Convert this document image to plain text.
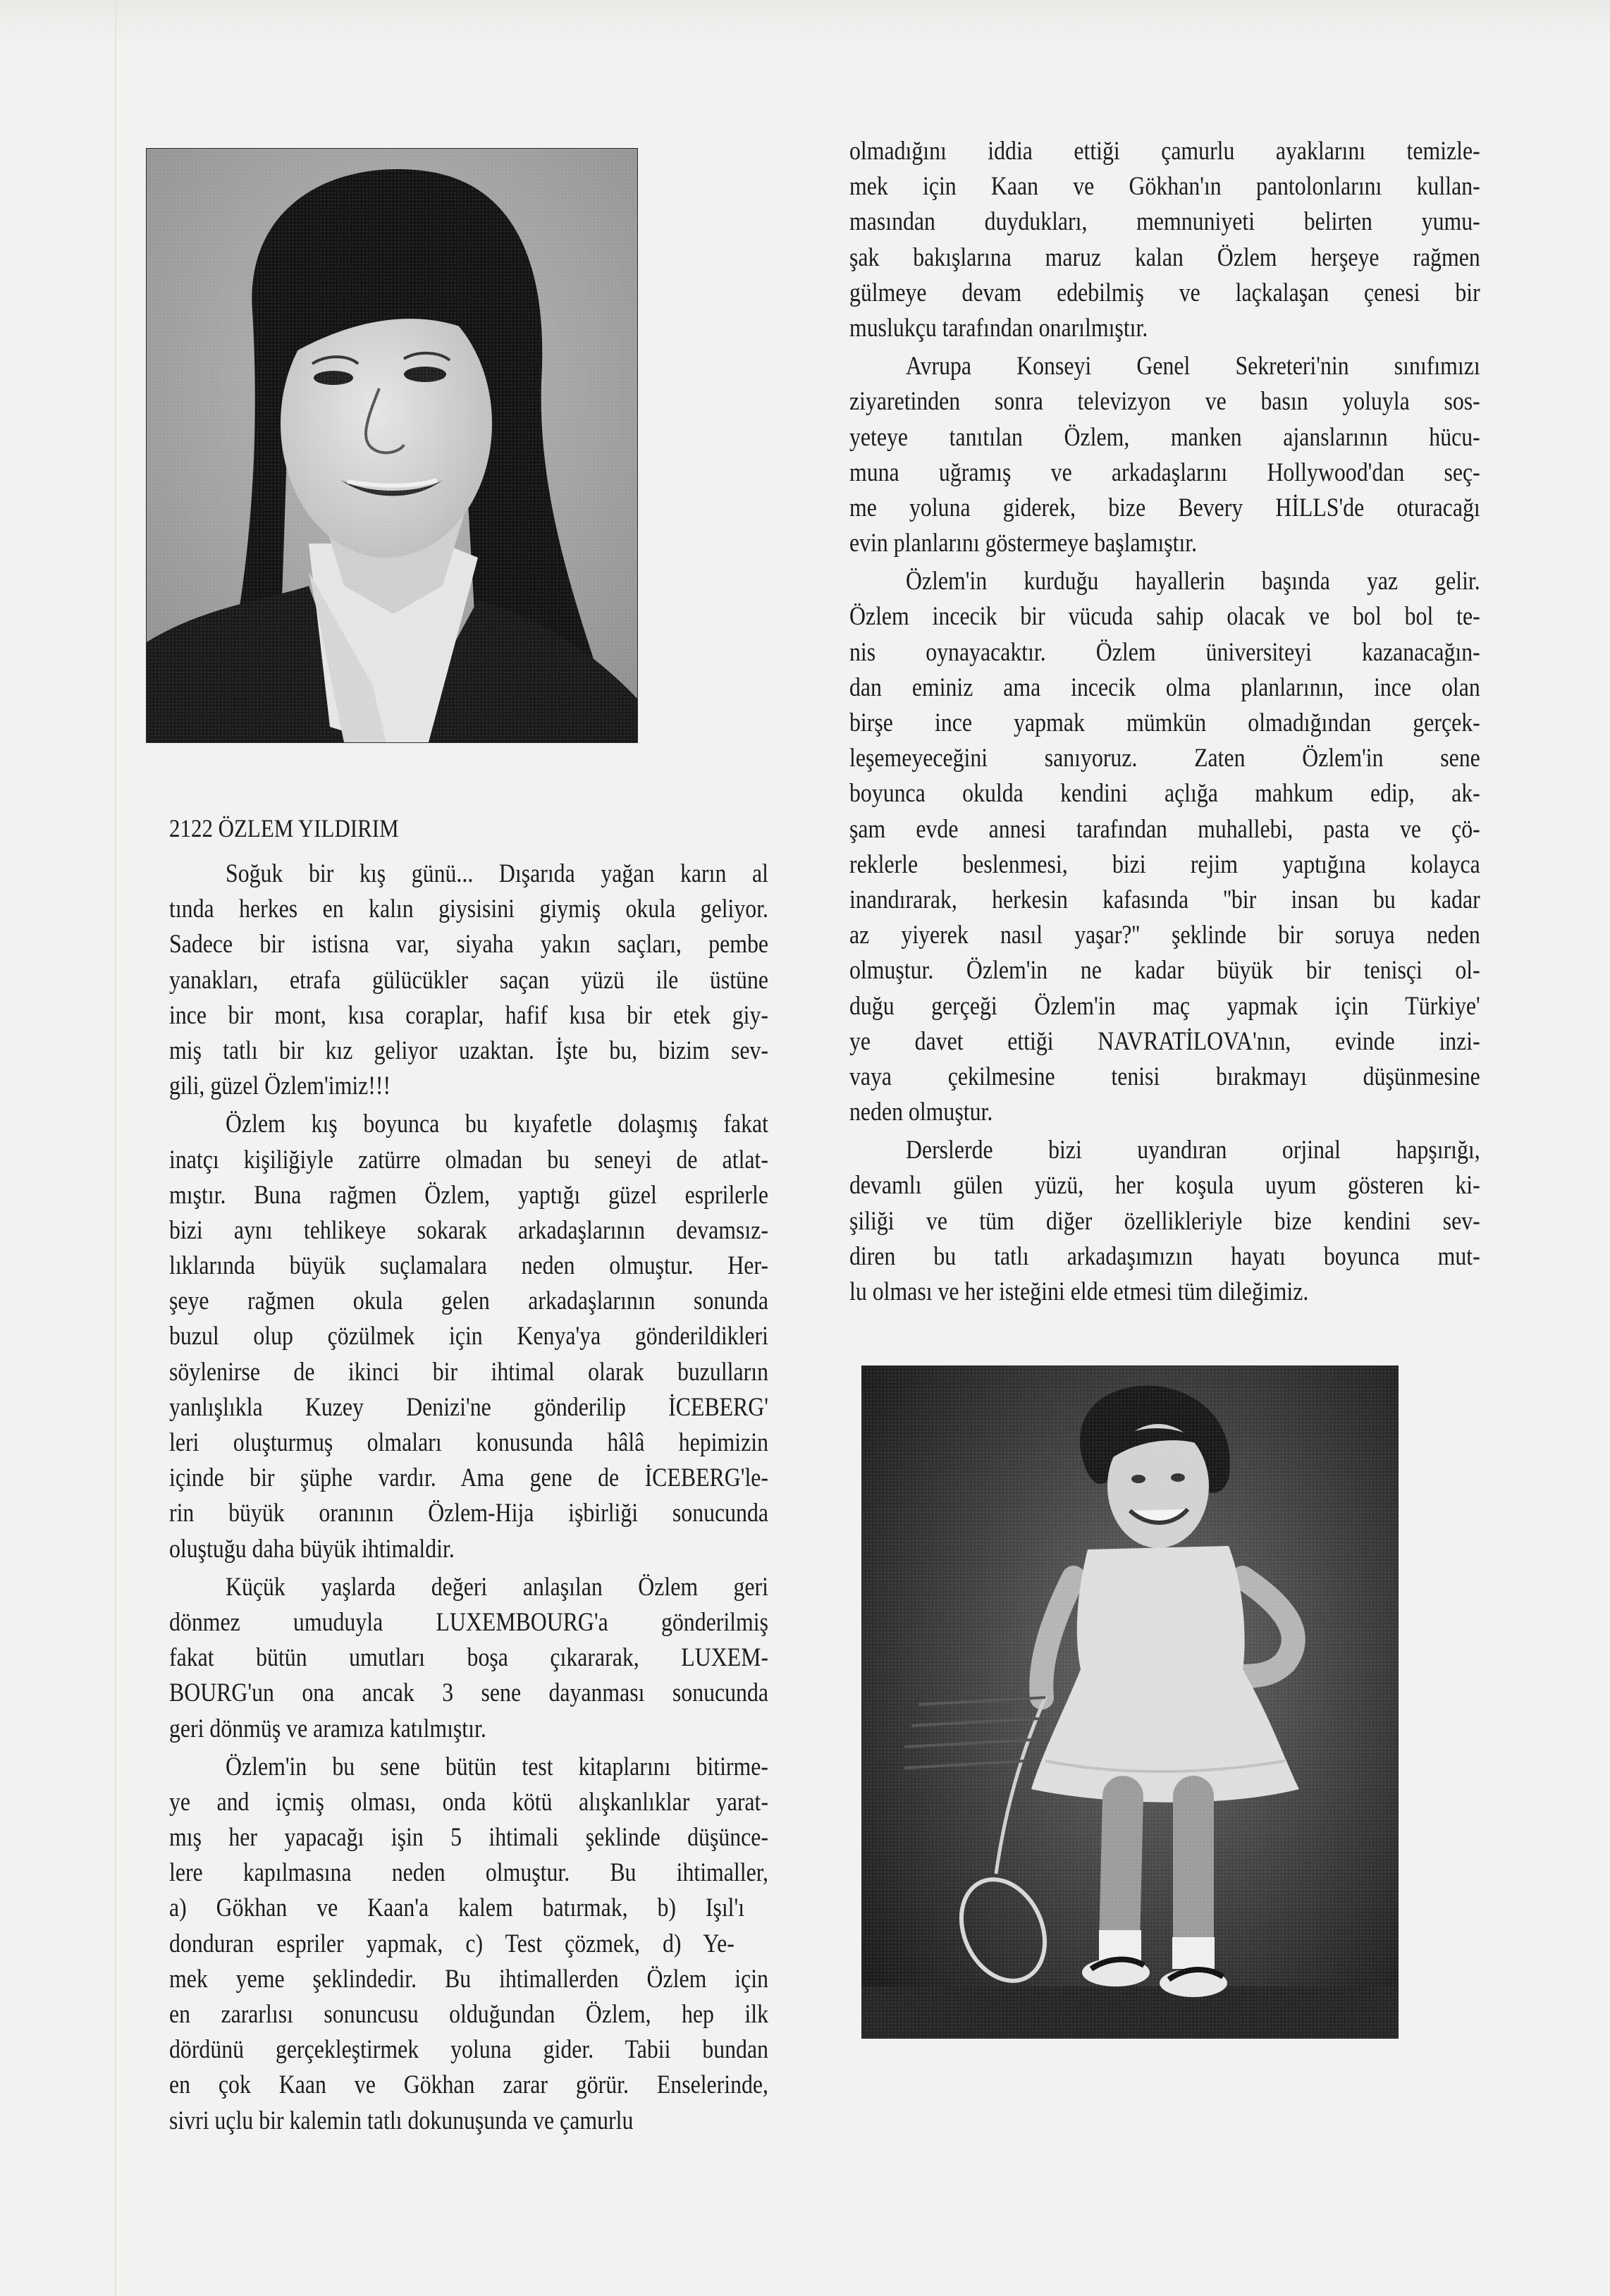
2122 ÖZLEM YILDIRIM
Soğuk bir kış günü... Dışarıda yağan karın al
tında herkes en kalın giysisini giymiş okula geliyor.
Sadece bir istisna var, siyaha yakın saçları, pembe
yanakları, etrafa gülücükler saçan yüzü ile üstüne
ince bir mont, kısa coraplar, hafif kısa bir etek giy-
miş tatlı bir kız geliyor uzaktan. İşte bu, bizim sev-
gili, güzel Özlem'imiz!!!
Özlem kış boyunca bu kıyafetle dolaşmış fakat
inatçı kişiliğiyle zatürre olmadan bu seneyi de atlat-
mıştır. Buna rağmen Özlem, yaptığı güzel esprilerle
bizi aynı tehlikeye sokarak arkadaşlarının devamsız-
lıklarında büyük suçlamalara neden olmuştur. Her-
şeye rağmen okula gelen arkadaşlarının sonunda
buzul olup çözülmek için Kenya'ya gönderildikleri
söylenirse de ikinci bir ihtimal olarak buzulların
yanlışlıkla Kuzey Denizi'ne gönderilip İCEBERG'
leri oluşturmuş olmaları konusunda hâlâ hepimizin
içinde bir şüphe vardır. Ama gene de İCEBERG'le-
rin büyük oranının Özlem-Hija işbirliği sonucunda
oluştuğu daha büyük ihtimaldir.
Küçük yaşlarda değeri anlaşılan Özlem geri
dönmez umuduyla LUXEMBOURG'a gönderilmiş
fakat bütün umutları boşa çıkararak, LUXEM-
BOURG'un ona ancak 3 sene dayanması sonucunda
geri dönmüş ve aramıza katılmıştır.
Özlem'in bu sene bütün test kitaplarını bitirme-
ye and içmiş olması, onda kötü alışkanlıklar yarat-
mış her yapacağı işin 5 ihtimali şeklinde düşünce-
lere kapılmasına neden olmuştur. Bu ihtimaller,
a) Gökhan ve Kaan'a kalem batırmak, b) Işıl'ı
donduran espriler yapmak, c) Test çözmek, d) Ye-
mek yeme şeklindedir. Bu ihtimallerden Özlem için
en zararlısı sonuncusu olduğundan Özlem, hep ilk
dördünü gerçekleştirmek yoluna gider. Tabii bundan
en çok Kaan ve Gökhan zarar görür. Enselerinde,
sivri uçlu bir kalemin tatlı dokunuşunda ve çamurlu
olmadığını iddia ettiği çamurlu ayaklarını temizle-
mek için Kaan ve Gökhan'ın pantolonlarını kullan-
masından duydukları, memnuniyeti belirten yumu-
şak bakışlarına maruz kalan Özlem herşeye rağmen
gülmeye devam edebilmiş ve laçkalaşan çenesi bir
muslukçu tarafından onarılmıştır.
Avrupa Konseyi Genel Sekreteri'nin sınıfımızı
ziyaretinden sonra televizyon ve basın yoluyla sos-
yeteye tanıtılan Özlem, manken ajanslarının hücu-
muna uğramış ve arkadaşlarını Hollywood'dan seç-
me yoluna giderek, bize Bevery HİLLS'de oturacağı
evin planlarını göstermeye başlamıştır.
Özlem'in kurduğu hayallerin başında yaz gelir.
Özlem incecik bir vücuda sahip olacak ve bol bol te-
nis oynayacaktır. Özlem üniversiteyi kazanacağın-
dan eminiz ama incecik olma planlarının, ince olan
birşe ince yapmak mümkün olmadığından gerçek-
leşemeyeceğini sanıyoruz. Zaten Özlem'in sene
boyunca okulda kendini açlığa mahkum edip, ak-
şam evde annesi tarafından muhallebi, pasta ve çö-
reklerle beslenmesi, bizi rejim yaptığına kolayca
inandırarak, herkesin kafasında ''bir insan bu kadar
az yiyerek nasıl yaşar?'' şeklinde bir soruya neden
olmuştur. Özlem'in ne kadar büyük bir tenisçi ol-
duğu gerçeği Özlem'in maç yapmak için Türkiye'
ye davet ettiği NAVRATİLOVA'nın, evinde inzi-
vaya çekilmesine tenisi bırakmayı düşünmesine
neden olmuştur.
Derslerde bizi uyandıran orjinal hapşırığı,
devamlı gülen yüzü, her koşula uyum gösteren ki-
şiliği ve tüm diğer özellikleriyle bize kendini sev-
diren bu tatlı arkadaşımızın hayatı boyunca mut-
lu olması ve her isteğini elde etmesi tüm dileğimiz.
